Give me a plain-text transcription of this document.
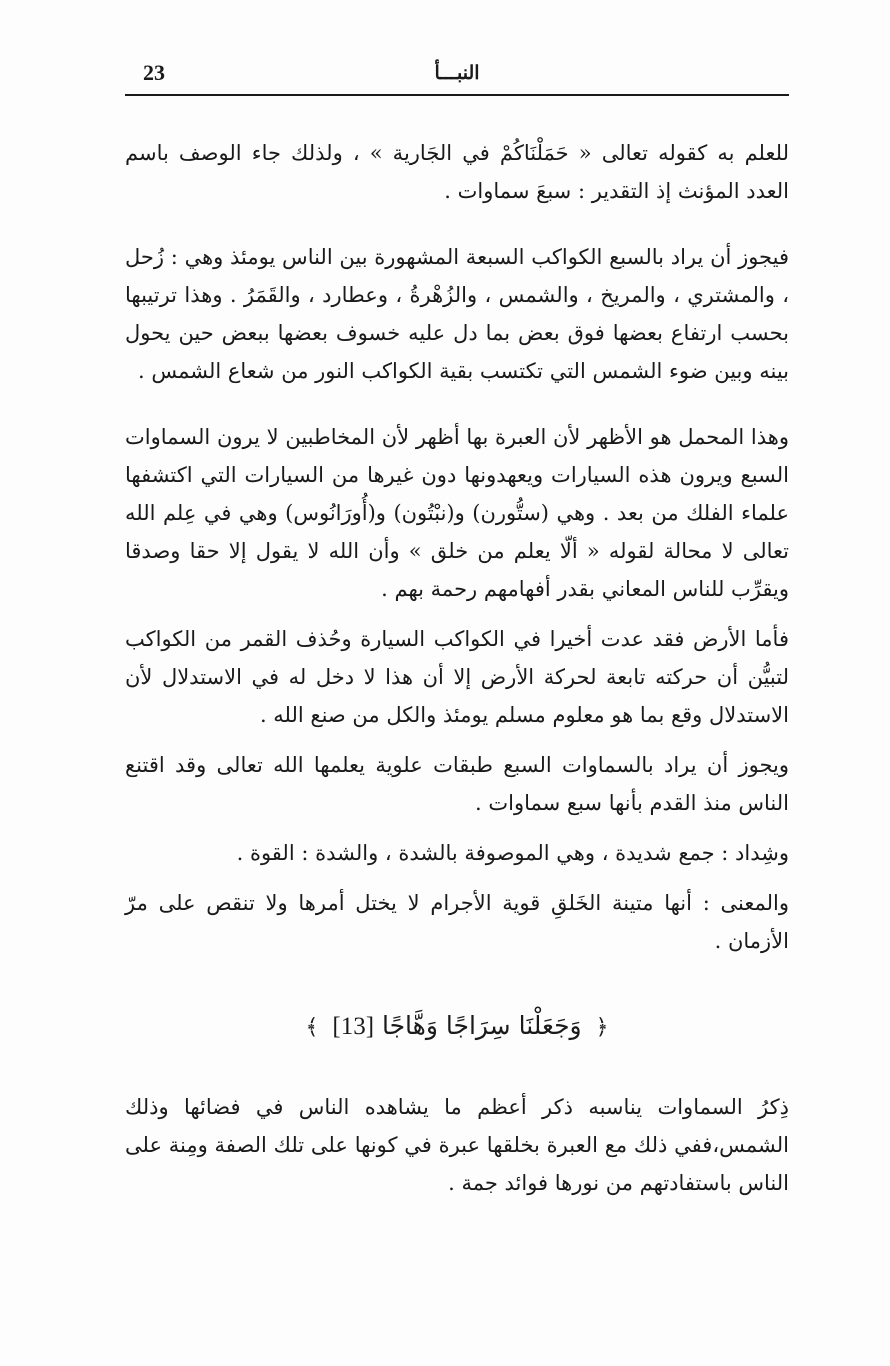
النبـــأ
23

للعلم به كقوله تعالى « حَمَلْنَاكُمْ في الجَارية » ، ولذلك جاء الوصف باسم العدد المؤنث إذ التقدير : سبعَ سماوات .

فيجوز أن يراد بالسبع الكواكب السبعة المشهورة بين الناس يومئذ وهي : زُحل ، والمشتري ، والمريخ ، والشمس ، والزُهْرةُ ، وعطارد ، والقَمَرُ . وهذا ترتيبها بحسب ارتفاع بعضها فوق بعض بما دل عليه خسوف بعضها ببعض حين يحول بينه وبين ضوء الشمس التي تكتسب بقية الكواكب النور من شعاع الشمس .

وهذا المحمل هو الأظهر لأن العبرة بها أظهر لأن المخاطبين لا يرون السماوات السبع ويرون هذه السيارات ويعهدونها دون غيرها من السيارات التي اكتشفها علماء الفلك من بعد . وهي (ستُّورن) و(نبْتُون) و(أُورَانُوس) وهي في عِلم الله تعالى لا محالة لقوله « ألّا يعلم من خلق » وأن الله لا يقول إلا حقا وصدقا ويقرِّب للناس المعاني بقدر أفهامهم رحمة بهم .

فأما الأرض فقد عدت أخيرا في الكواكب السيارة وحُذف القمر من الكواكب لتبيُّن أن حركته تابعة لحركة الأرض إلا أن هذا لا دخل له في الاستدلال لأن الاستدلال وقع بما هو معلوم مسلم يومئذ والكل من صنع الله .

ويجوز أن يراد بالسماوات السبع طبقات علوية يعلمها الله تعالى وقد اقتنع الناس منذ القدم بأنها سبع سماوات .

وشِداد : جمع شديدة ، وهي الموصوفة بالشدة ، والشدة : القوة .

والمعنى : أنها متينة الخَلقِ قوية الأجرام لا يختل أمرها ولا تنقص على مرّ الأزمان .

﴿ وَجَعَلْنَا سِرَاجًا وَهَّاجًا [13] ﴾

ذِكرُ السماوات يناسبه ذكر أعظم ما يشاهده الناس في فضائها وذلك الشمس،ففي ذلك مع العبرة بخلقها عبرة في كونها على تلك الصفة ومِنة على الناس باستفادتهم من نورها فوائد جمة .
